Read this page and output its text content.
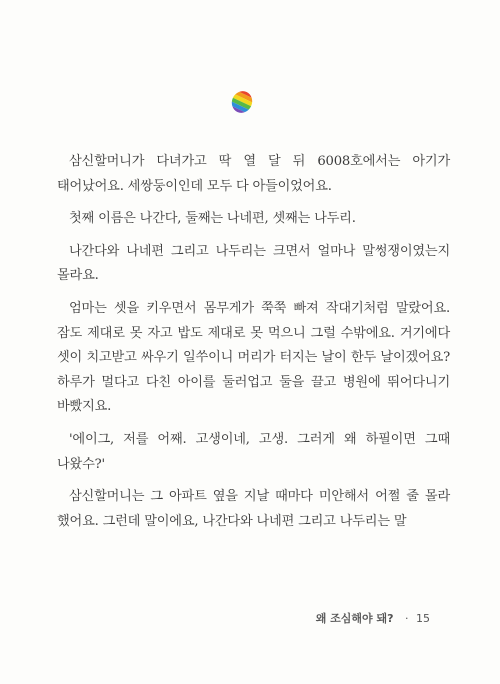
삼신할머니가 다녀가고 딱 열 달 뒤 6008호에서는 아기가 태어났어요. 세쌍둥이인데 모두 다 아들이었어요.

첫째 이름은 나간다, 둘째는 나네편, 셋째는 나두리.

나간다와 나네편 그리고 나두리는 크면서 얼마나 말썽쟁이였는지 몰라요.

엄마는 셋을 키우면서 몸무게가 쭉쭉 빠져 작대기처럼 말랐어요. 잠도 제대로 못 자고 밥도 제대로 못 먹으니 그럴 수밖에요. 거기에다 셋이 치고받고 싸우기 일쑤이니 머리가 터지는 날이 한두 날이겠어요? 하루가 멀다고 다친 아이를 둘러업고 둘을 끌고 병원에 뛰어다니기 바빴지요.

'에이그, 저를 어째. 고생이네, 고생. 그러게 왜 하필이면 그때 나왔수?'

삼신할머니는 그 아파트 옆을 지날 때마다 미안해서 어쩔 줄 몰라 했어요. 그런데 말이에요, 나간다와 나네편 그리고 나두리는 말

왜 조심해야 돼? · 15
